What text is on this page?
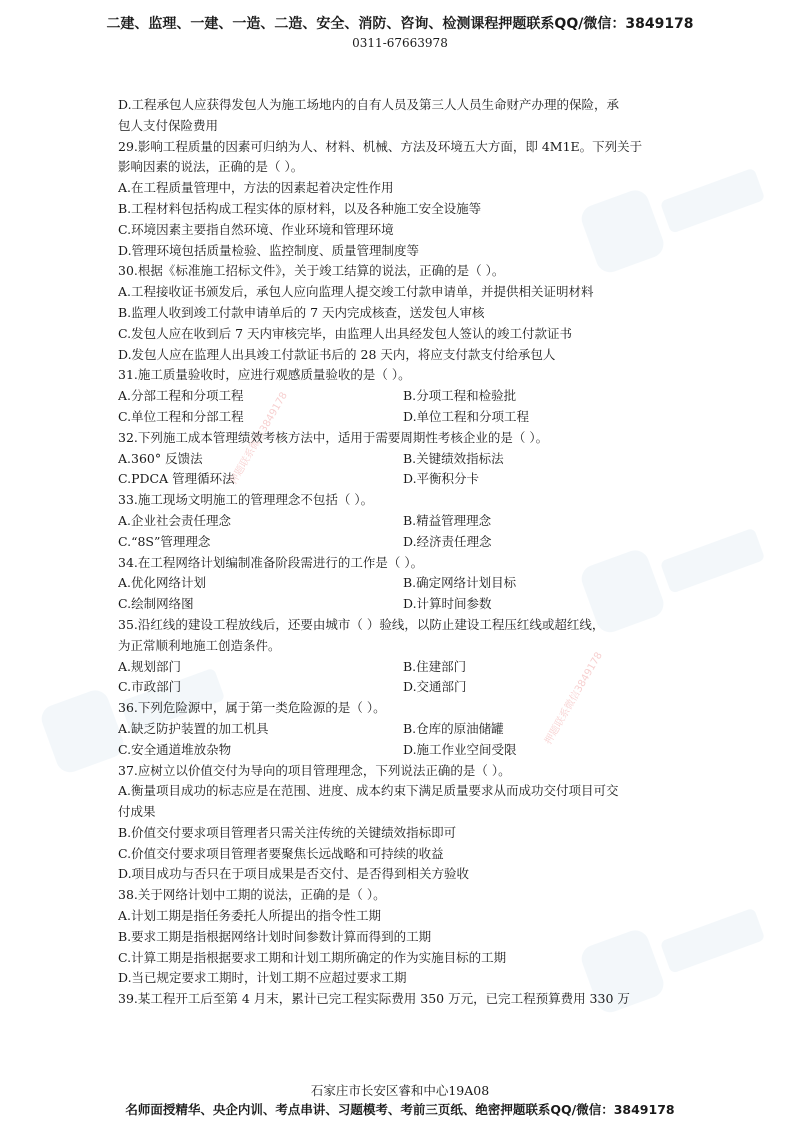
二建、监理、一建、一造、二造、安全、消防、咨询、检测课程押题联系QQ/微信：3849178
0311-67663978
押题联系微信3849178
押题联系微信3849178
D.工程承包人应获得发包人为施工场地内的自有人员及第三人人员生命财产办理的保险，承
包人支付保险费用
29.影响工程质量的因素可归纳为人、材料、机械、方法及环境五大方面，即 4M1E。下列关于
影响因素的说法，正确的是（ ）。
A.在工程质量管理中，方法的因素起着决定性作用
B.工程材料包括构成工程实体的原材料，以及各种施工安全设施等
C.环境因素主要指自然环境、作业环境和管理环境
D.管理环境包括质量检验、监控制度、质量管理制度等
30.根据《标准施工招标文件》，关于竣工结算的说法，正确的是（ ）。
A.工程接收证书颁发后，承包人应向监理人提交竣工付款申请单，并提供相关证明材料
B.监理人收到竣工付款申请单后的 7 天内完成核查，送发包人审核
C.发包人应在收到后 7 天内审核完毕，由监理人出具经发包人签认的竣工付款证书
D.发包人应在监理人出具竣工付款证书后的 28 天内，将应支付款支付给承包人
31.施工质量验收时，应进行观感质量验收的是（ ）。
A.分部工程和分项工程	B.分项工程和检验批
C.单位工程和分部工程	D.单位工程和分项工程
32.下列施工成本管理绩效考核方法中，适用于需要周期性考核企业的是（ ）。
A.360° 反馈法	B.关键绩效指标法
C.PDCA 管理循环法	D.平衡积分卡
33.施工现场文明施工的管理理念不包括（ ）。
A.企业社会责任理念	B.精益管理理念
C.“8S”管理理念	D.经济责任理念
34.在工程网络计划编制准备阶段需进行的工作是（ ）。
A.优化网络计划	B.确定网络计划目标
C.绘制网络图	D.计算时间参数
35.沿红线的建设工程放线后，还要由城市（ ）验线，以防止建设工程压红线或超红线，
为正常顺利地施工创造条件。
A.规划部门	B.住建部门
C.市政部门	D.交通部门
36.下列危险源中，属于第一类危险源的是（ ）。
A.缺乏防护装置的加工机具	B.仓库的原油储罐
C.安全通道堆放杂物	D.施工作业空间受限
37.应树立以价值交付为导向的项目管理理念，下列说法正确的是（ ）。
A.衡量项目成功的标志应是在范围、进度、成本约束下满足质量要求从而成功交付项目可交
付成果
B.价值交付要求项目管理者只需关注传统的关键绩效指标即可
C.价值交付要求项目管理者要聚焦长远战略和可持续的收益
D.项目成功与否只在于项目成果是否交付、是否得到相关方验收
38.关于网络计划中工期的说法，正确的是（ ）。
A.计划工期是指任务委托人所提出的指令性工期
B.要求工期是指根据网络计划时间参数计算而得到的工期
C.计算工期是指根据要求工期和计划工期所确定的作为实施目标的工期
D.当已规定要求工期时，计划工期不应超过要求工期
39.某工程开工后至第 4 月末，累计已完工程实际费用 350 万元，已完工程预算费用 330 万
石家庄市长安区睿和中心19A08
名师面授精华、央企内训、考点串讲、习题模考、考前三页纸、绝密押题联系QQ/微信：3849178
